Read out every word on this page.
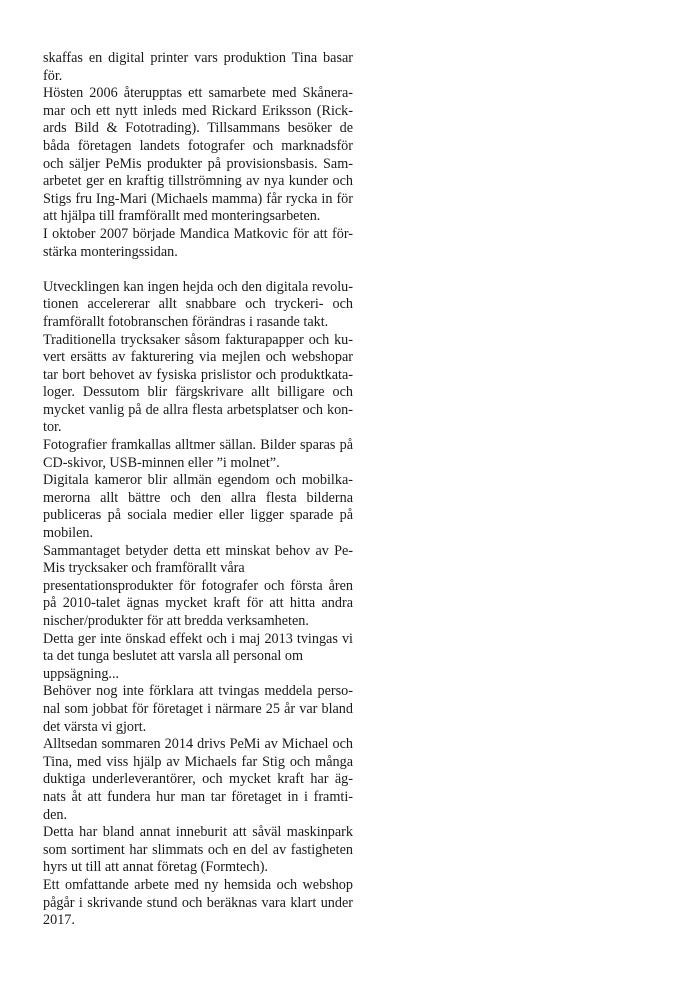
skaffas en digital printer vars produktion Tina basar
för.
Hösten 2006 återupptas ett samarbete med Skånera-
mar och ett nytt inleds med Rickard Eriksson (Rick-
ards Bild & Fototrading). Tillsammans besöker de
båda företagen landets fotografer och marknadsför
och säljer PeMis produkter på provisionsbasis. Sam-
arbetet ger en kraftig tillströmning av nya kunder och
Stigs fru Ing-Mari (Michaels mamma) får rycka in för
att hjälpa till framförallt med monteringsarbeten.
I oktober 2007 började Mandica Matkovic för att för-
stärka monteringssidan.
Utvecklingen kan ingen hejda och den digitala revolu-
tionen accelererar allt snabbare och tryckeri- och
framförallt fotobranschen förändras i rasande takt.
Traditionella trycksaker såsom fakturapapper och ku-
vert ersätts av fakturering via mejlen och webshopar
tar bort behovet av fysiska prislistor och produktkata-
loger. Dessutom blir färgskrivare allt billigare och
mycket vanlig på de allra flesta arbetsplatser och kon-
tor.
Fotografier framkallas alltmer sällan. Bilder sparas på
CD-skivor, USB-minnen eller ”i molnet”.
Digitala kameror blir allmän egendom och mobilka-
merorna allt bättre och den allra flesta bilderna
publiceras på sociala medier eller ligger sparade på
mobilen.
Sammantaget betyder detta ett minskat behov av Pe-
Mis trycksaker och framförallt våra
presentationsprodukter för fotografer och första åren
på 2010-talet ägnas mycket kraft för att hitta andra
nischer/produkter för att bredda verksamheten.
Detta ger inte önskad effekt och i maj 2013 tvingas vi
ta det tunga beslutet att varsla all personal om
uppsägning...
Behöver nog inte förklara att tvingas meddela perso-
nal som jobbat för företaget i närmare 25 år var bland
det värsta vi gjort.
Alltsedan sommaren 2014 drivs PeMi av Michael och
Tina, med viss hjälp av Michaels far Stig och många
duktiga underleverantörer, och mycket kraft har äg-
nats åt att fundera hur man tar företaget in i framti-
den.
Detta har bland annat inneburit att såväl maskinpark
som sortiment har slimmats och en del av fastigheten
hyrs ut till att annat företag (Formtech).
Ett omfattande arbete med ny hemsida och webshop
pågår i skrivande stund och beräknas vara klart under
2017.
